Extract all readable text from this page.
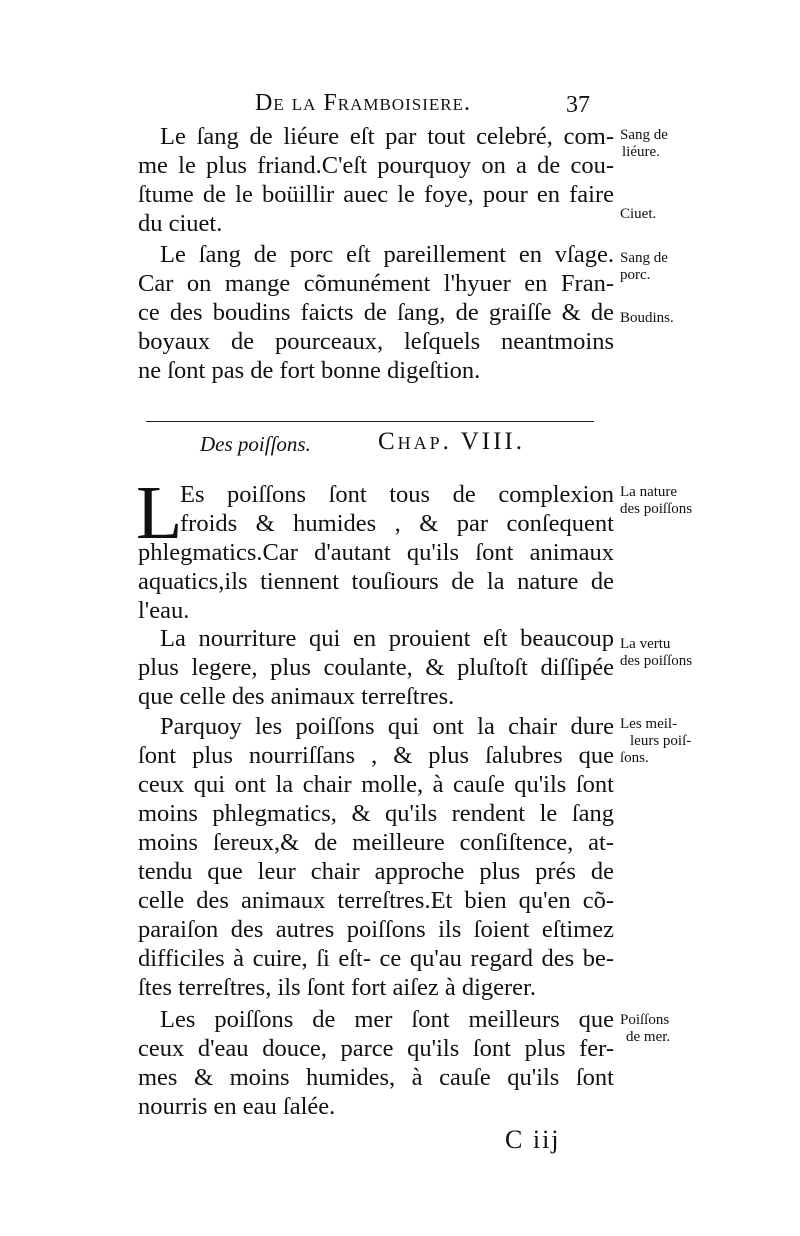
De la Framboisiere.	37
Le ſang de liéure eſt par tout celebré, com-
me le plus friand.C'eſt pourquoy on a de cou-
ſtume de le boüillir auec le foye, pour en faire
du ciuet.
Le ſang de porc eſt pareillement en vſage.
Car on mange cõmunément l'hyuer en Fran-
ce des boudins faicts de ſang, de graiſſe & de
boyaux de pourceaux, leſquels neantmoins
ne ſont pas de fort bonne digeſtion.
Des poiſſons.	Chap. VIII.
L
Es poiſſons ſont tous de complexion
froids & humides , & par conſequent
phlegmatics.Car d'autant qu'ils ſont animaux
aquatics,ils tiennent touſiours de la nature de
l'eau.
La nourriture qui en prouient eſt beaucoup
plus legere, plus coulante, & pluſtoſt diſſipée
que celle des animaux terreſtres.
Parquoy les poiſſons qui ont la chair dure
ſont plus nourriſſans , & plus ſalubres que
ceux qui ont la chair molle, à cauſe qu'ils ſont
moins phlegmatics, & qu'ils rendent le ſang
moins ſereux,& de meilleure conſiſtence, at-
tendu que leur chair approche plus prés de
celle des animaux terreſtres.Et bien qu'en cõ-
paraiſon des autres poiſſons ils ſoient eſtimez
difficiles à cuire, ſi eſt- ce qu'au regard des be-
ſtes terreſtres, ils ſont fort aiſez à digerer.
Les poiſſons de mer ſont meilleurs que
ceux d'eau douce, parce qu'ils ſont plus fer-
mes & moins humides, à cauſe qu'ils ſont
nourris en eau ſalée.
Sang de
liéure.
Ciuet.
Sang de
porc.
Boudins.
La nature
des poiſſons
La vertu
des poiſſons
Les meil-
leurs poiſ-
ſons.
Poiſſons
de mer.
C iij
